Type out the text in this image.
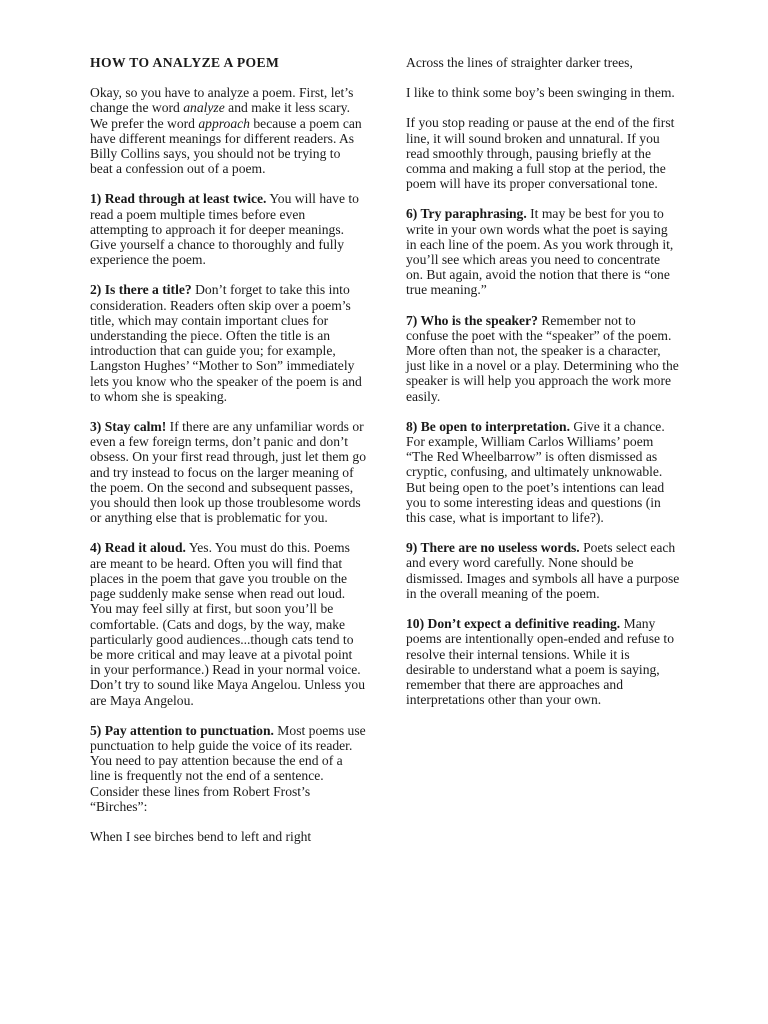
HOW TO ANALYZE A POEM

Okay, so you have to analyze a poem. First, let’s change the word analyze and make it less scary. We prefer the word approach because a poem can have different meanings for different readers. As Billy Collins says, you should not be trying to beat a confession out of a poem.

1) Read through at least twice. You will have to read a poem multiple times before even attempting to approach it for deeper meanings. Give yourself a chance to thoroughly and fully experience the poem.

2) Is there a title? Don’t forget to take this into consideration. Readers often skip over a poem’s title, which may contain important clues for understanding the piece. Often the title is an introduction that can guide you; for example, Langston Hughes’ “Mother to Son” immediately lets you know who the speaker of the poem is and to whom she is speaking.

3) Stay calm! If there are any unfamiliar words or even a few foreign terms, don’t panic and don’t obsess. On your first read through, just let them go and try instead to focus on the larger meaning of the poem. On the second and subsequent passes, you should then look up those troublesome words or anything else that is problematic for you.

4) Read it aloud. Yes. You must do this. Poems are meant to be heard. Often you will find that places in the poem that gave you trouble on the page suddenly make sense when read out loud. You may feel silly at first, but soon you’ll be comfortable. (Cats and dogs, by the way, make particularly good audiences...though cats tend to be more critical and may leave at a pivotal point in your performance.) Read in your normal voice. Don’t try to sound like Maya Angelou. Unless you are Maya Angelou.

5) Pay attention to punctuation. Most poems use punctuation to help guide the voice of its reader. You need to pay attention because the end of a line is frequently not the end of a sentence. Consider these lines from Robert Frost’s “Birches”:

When I see birches bend to left and right

Across the lines of straighter darker trees,

I like to think some boy’s been swinging in them.

If you stop reading or pause at the end of the first line, it will sound broken and unnatural. If you read smoothly through, pausing briefly at the comma and making a full stop at the period, the poem will have its proper conversational tone.

6) Try paraphrasing. It may be best for you to write in your own words what the poet is saying in each line of the poem. As you work through it, you’ll see which areas you need to concentrate on. But again, avoid the notion that there is “one true meaning.”

7) Who is the speaker? Remember not to confuse the poet with the “speaker” of the poem. More often than not, the speaker is a character, just like in a novel or a play. Determining who the speaker is will help you approach the work more easily.

8) Be open to interpretation. Give it a chance. For example, William Carlos Williams’ poem “The Red Wheelbarrow” is often dismissed as cryptic, confusing, and ultimately unknowable. But being open to the poet’s intentions can lead you to some interesting ideas and questions (in this case, what is important to life?).

9) There are no useless words. Poets select each and every word carefully. None should be dismissed. Images and symbols all have a purpose in the overall meaning of the poem.

10) Don’t expect a definitive reading. Many poems are intentionally open-ended and refuse to resolve their internal tensions. While it is desirable to understand what a poem is saying, remember that there are approaches and interpretations other than your own.
